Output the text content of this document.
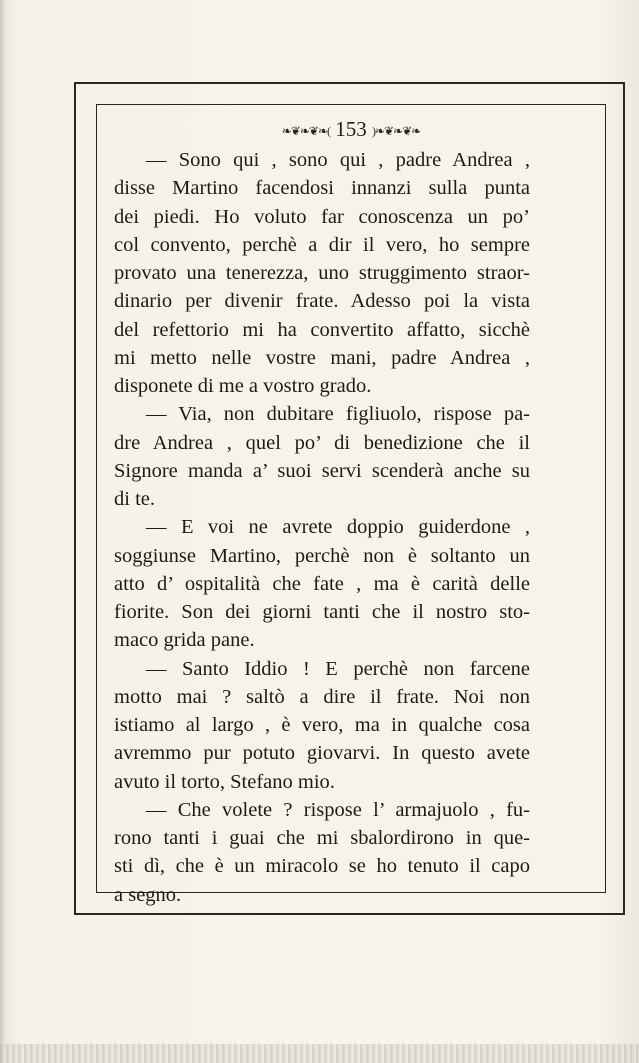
❧❦❧❦❧( 153 )❧❦❧❦❧
— Sono qui , sono qui , padre Andrea ,
disse Martino facendosi innanzi sulla punta
dei piedi. Ho voluto far conoscenza un po’
col convento, perchè a dir il vero, ho sempre
provato una tenerezza, uno struggimento straor-
dinario per divenir frate. Adesso poi la vista
del refettorio mi ha convertito affatto, sicchè
mi metto nelle vostre mani, padre Andrea ,
disponete di me a vostro grado.
— Via, non dubitare figliuolo, rispose pa-
dre Andrea , quel po’ di benedizione che il
Signore manda a’ suoi servi scenderà anche su
di te.
— E voi ne avrete doppio guiderdone ,
soggiunse Martino, perchè non è soltanto un
atto d’ ospitalità che fate , ma è carità delle
fiorite. Son dei giorni tanti che il nostro sto-
maco grida pane.
— Santo Iddio ! E perchè non farcene
motto mai ? saltò a dire il frate. Noi non
istiamo al largo , è vero, ma in qualche cosa
avremmo pur potuto giovarvi. In questo avete
avuto il torto, Stefano mio.
— Che volete ? rispose l’ armajuolo , fu-
rono tanti i guai che mi sbalordirono in que-
sti dì, che è un miracolo se ho tenuto il capo
a segno.
